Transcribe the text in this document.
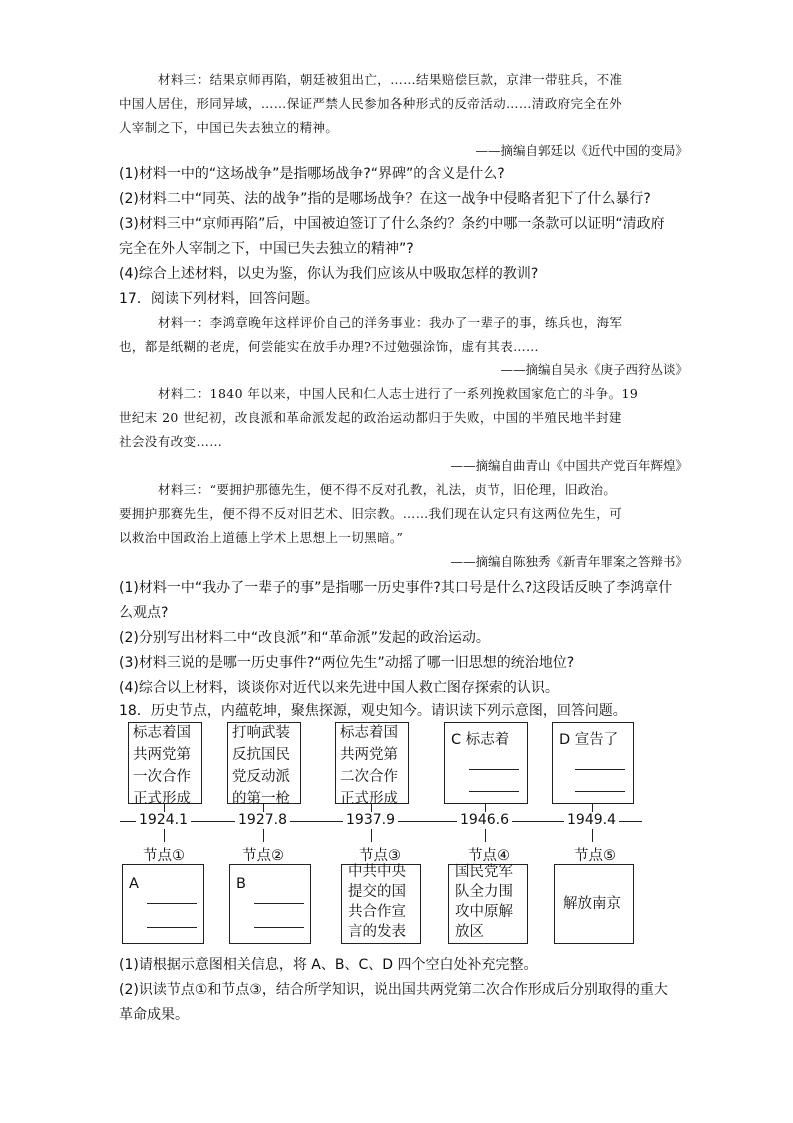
材料三：结果京师再陷，朝廷被狙出亡，……结果赔偿巨款，京津一带驻兵，不准
中国人居住，形同异域，……保证严禁人民参加各种形式的反帝活动……清政府完全在外
人宰制之下，中国已失去独立的精神。
——摘编自郭廷以《近代中国的变局》
(1)材料一中的“这场战争”是指哪场战争?“界碑”的含义是什么?
(2)材料二中“同英、法的战争”指的是哪场战争？在这一战争中侵略者犯下了什么暴行?
(3)材料三中“京师再陷”后，中国被迫签订了什么条约？条约中哪一条款可以证明“清政府
完全在外人宰制之下，中国已失去独立的精神”?
(4)综合上述材料，以史为鉴，你认为我们应该从中吸取怎样的教训?
17．阅读下列材料，回答问题。
材料一：李鸿章晚年这样评价自己的洋务事业：我办了一辈子的事，练兵也，海军
也，都是纸糊的老虎，何尝能实在放手办理?不过勉强涂饰，虚有其表……
——摘编自吴永《庚子西狩丛谈》
材料二：1840 年以来，中国人民和仁人志士进行了一系列挽救国家危亡的斗争。19
世纪末 20 世纪初，改良派和革命派发起的政治运动都归于失败，中国的半殖民地半封建
社会没有改变……
——摘编自曲青山《中国共产党百年辉煌》
材料三：“要拥护那德先生，便不得不反对孔教，礼法，贞节，旧伦理，旧政治。
要拥护那赛先生，便不得不反对旧艺术、旧宗教。……我们现在认定只有这两位先生，可
以救治中国政治上道德上学术上思想上一切黑暗。”
——摘编自陈独秀《新青年罪案之答辩书》
(1)材料一中“我办了一辈子的事”是指哪一历史事件?其口号是什么?这段话反映了李鸿章什
么观点?
(2)分别写出材料二中“改良派”和“革命派”发起的政治运动。
(3)材料三说的是哪一历史事件?“两位先生”动摇了哪一旧思想的统治地位?
(4)综合以上材料，谈谈你对近代以来先进中国人救亡图存探索的认识。
18．历史节点，内蕴乾坤，聚焦探源，观史知今。请识读下列示意图，回答问题。
标志着国
共两党第
一次合作
正式形成
打响武装
反抗国民
党反动派
的第一枪
标志着国
共两党第
二次合作
正式形成
C 标志着	D 宣告了
1924.1	1927.8	1937.9	1946.6	1949.4
节点①	节点②	节点③	节点④	节点⑤
A	B
中共中央
提交的国
共合作宣
言的发表
国民党军
队全力围
攻中原解
放区
解放南京
(1)请根据示意图相关信息，将 A、B、C、D 四个空白处补充完整。
(2)识读节点①和节点③，结合所学知识，说出国共两党第二次合作形成后分别取得的重大
革命成果。
